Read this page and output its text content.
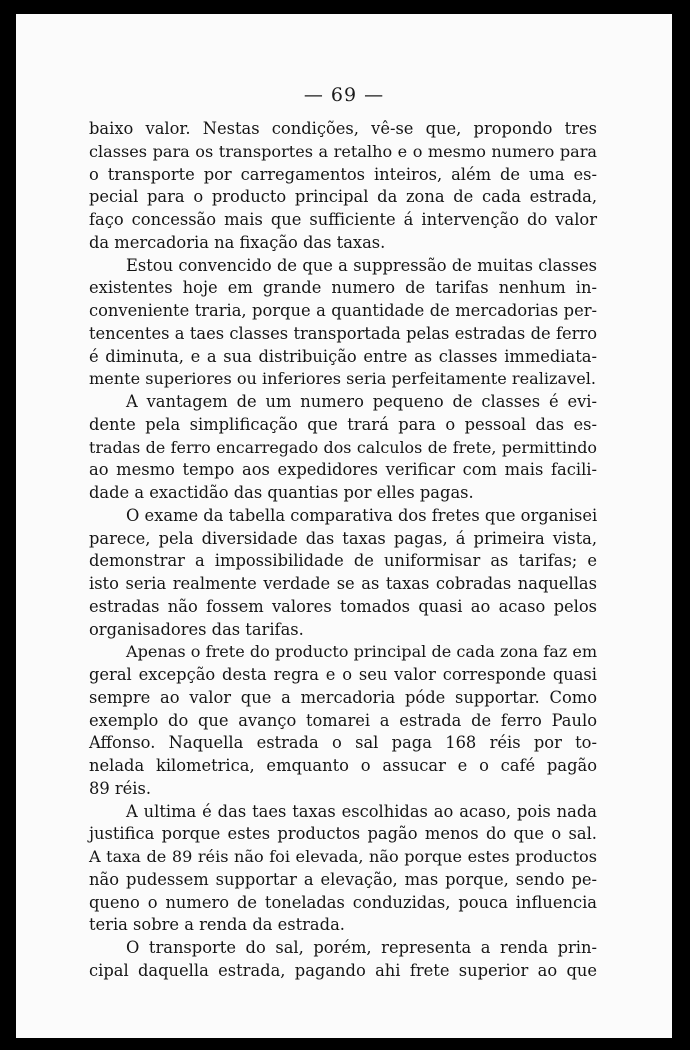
— 69 —
baixo valor. Nestas condições, vê-se que, propondo tres
classes para os transportes a retalho e o mesmo numero para
o transporte por carregamentos inteiros, além de uma es-
pecial para o producto principal da zona de cada estrada,
faço concessão mais que sufficiente á intervenção do valor
da mercadoria na fixação das taxas.
Estou convencido de que a suppressão de muitas classes
existentes hoje em grande numero de tarifas nenhum in-
conveniente traria, porque a quantidade de mercadorias per-
tencentes a taes classes transportada pelas estradas de ferro
é diminuta, e a sua distribuição entre as classes immediata-
mente superiores ou inferiores seria perfeitamente realizavel.
A vantagem de um numero pequeno de classes é evi-
dente pela simplificação que trará para o pessoal das es-
tradas de ferro encarregado dos calculos de frete, permittindo
ao mesmo tempo aos expedidores verificar com mais facili-
dade a exactidão das quantias por elles pagas.
O exame da tabella comparativa dos fretes que organisei
parece, pela diversidade das taxas pagas, á primeira vista,
demonstrar a impossibilidade de uniformisar as tarifas; e
isto seria realmente verdade se as taxas cobradas naquellas
estradas não fossem valores tomados quasi ao acaso pelos
organisadores das tarifas.
Apenas o frete do producto principal de cada zona faz em
geral excepção desta regra e o seu valor corresponde quasi
sempre ao valor que a mercadoria póde supportar. Como
exemplo do que avanço tomarei a estrada de ferro Paulo
Affonso. Naquella estrada o sal paga 168 réis por to-
nelada kilometrica, emquanto o assucar e o café pagão
89 réis.
A ultima é das taes taxas escolhidas ao acaso, pois nada
justifica porque estes productos pagão menos do que o sal.
A taxa de 89 réis não foi elevada, não porque estes productos
não pudessem supportar a elevação, mas porque, sendo pe-
queno o numero de toneladas conduzidas, pouca influencia
teria sobre a renda da estrada.
O transporte do sal, porém, representa a renda prin-
cipal daquella estrada, pagando ahi frete superior ao que
